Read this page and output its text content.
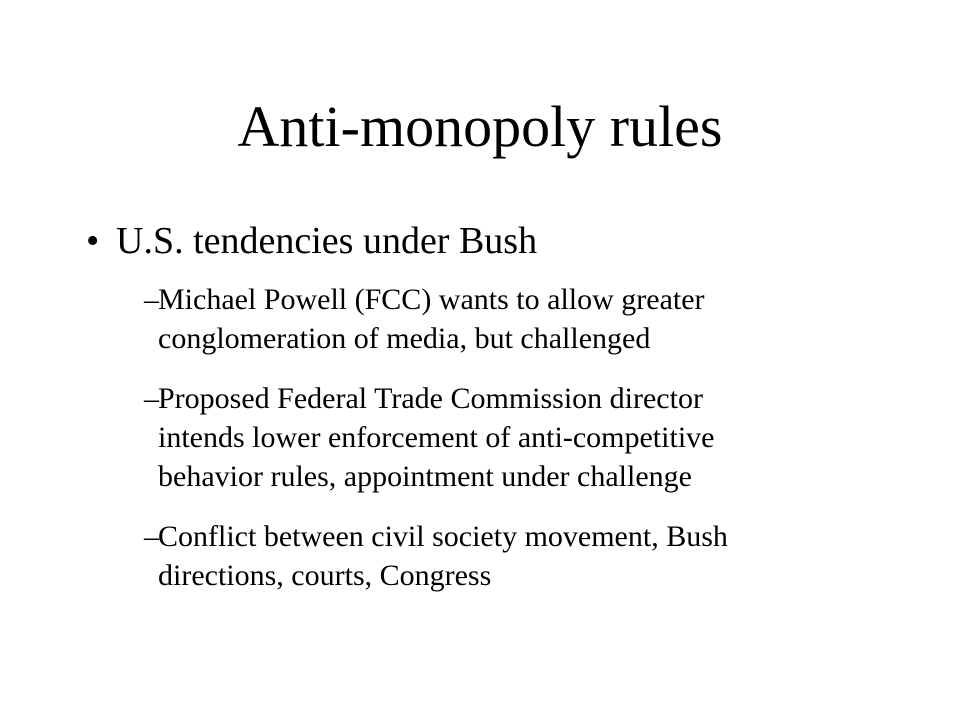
Anti-monopoly rules
• U.S. tendencies under Bush
– Michael Powell (FCC) wants to allow greater
conglomeration of media, but challenged
– Proposed Federal Trade Commission director
intends lower enforcement of anti-competitive
behavior rules, appointment under challenge
– Conflict between civil society movement, Bush
directions, courts, Congress
